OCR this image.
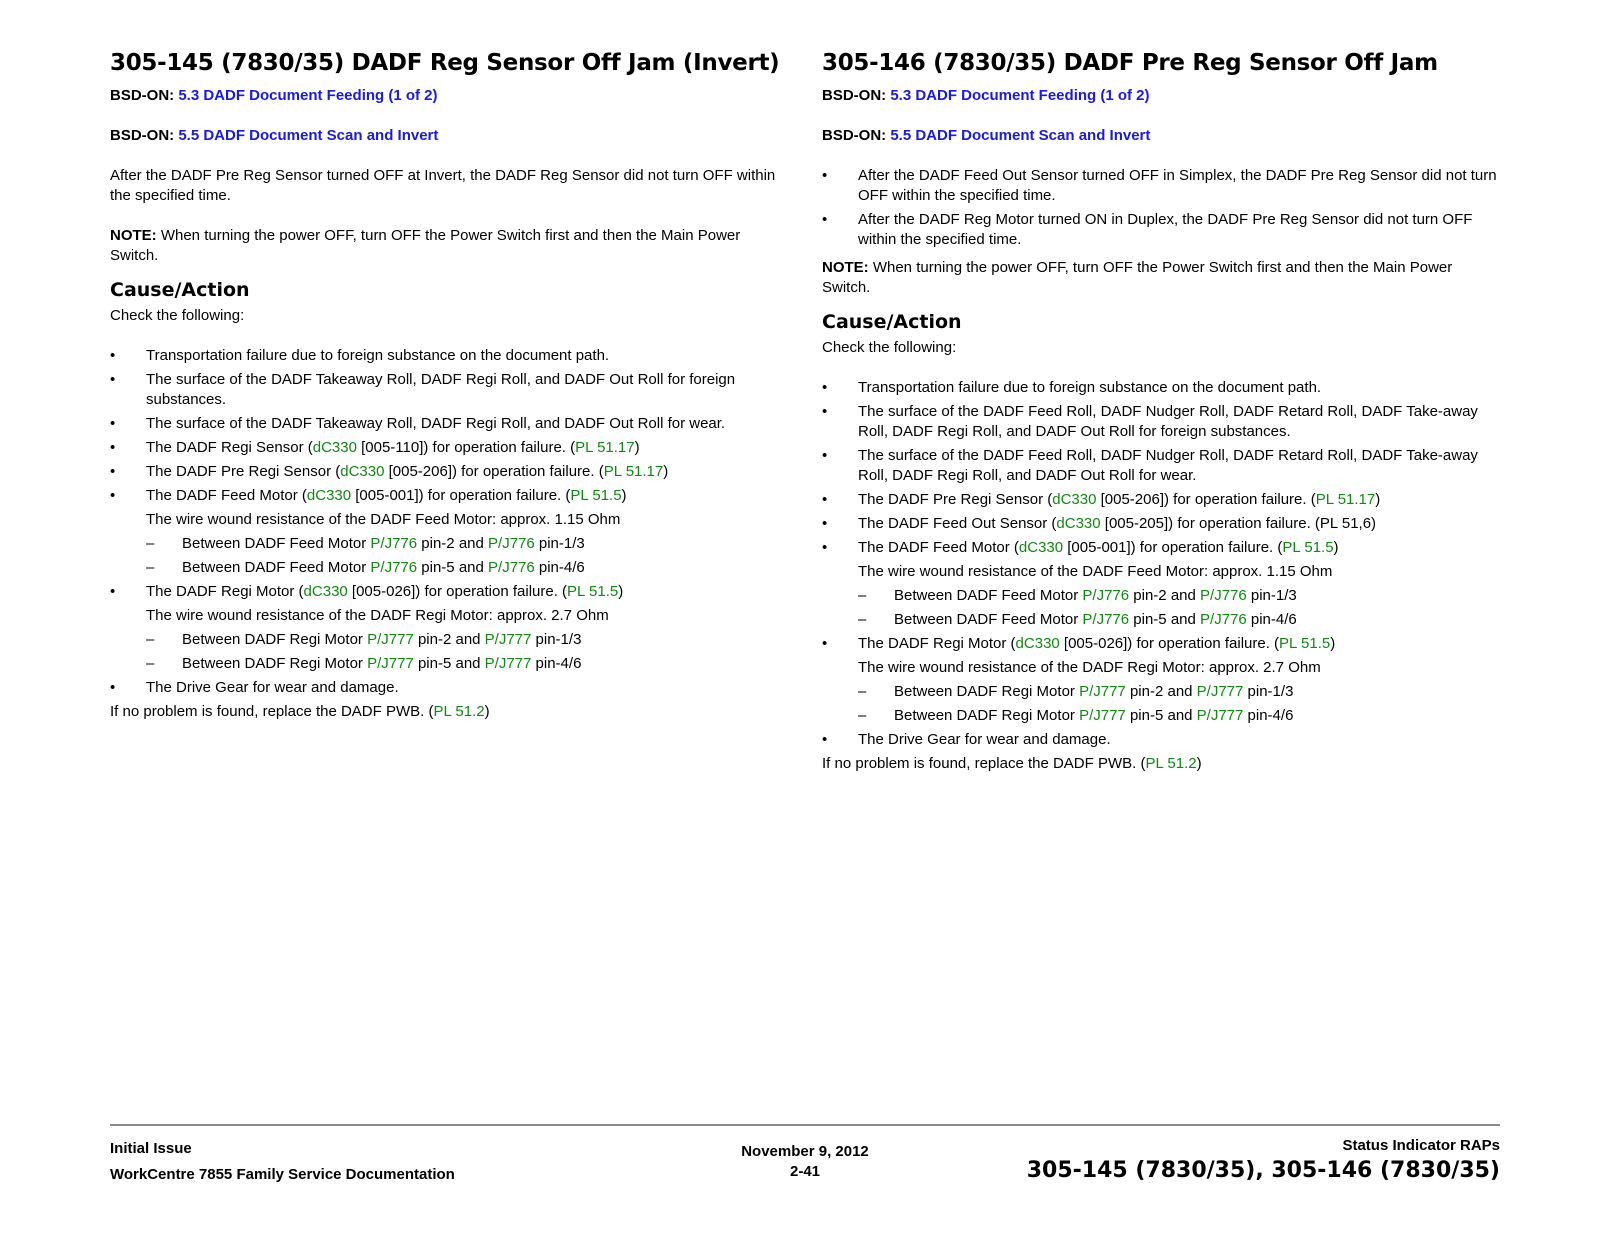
305-145 (7830/35) DADF Reg Sensor Off Jam (Invert)

BSD-ON: 5.3 DADF Document Feeding (1 of 2)

BSD-ON: 5.5 DADF Document Scan and Invert

After the DADF Pre Reg Sensor turned OFF at Invert, the DADF Reg Sensor did not turn OFF within the specified time.

NOTE: When turning the power OFF, turn OFF the Power Switch first and then the Main Power Switch.

Cause/Action

Check the following:

• Transportation failure due to foreign substance on the document path.
• The surface of the DADF Takeaway Roll, DADF Regi Roll, and DADF Out Roll for foreign substances.
• The surface of the DADF Takeaway Roll, DADF Regi Roll, and DADF Out Roll for wear.
• The DADF Regi Sensor (dC330 [005-110]) for operation failure. (PL 51.17)
• The DADF Pre Regi Sensor (dC330 [005-206]) for operation failure. (PL 51.17)
• The DADF Feed Motor (dC330 [005-001]) for operation failure. (PL 51.5)

The wire wound resistance of the DADF Feed Motor: approx. 1.15 Ohm

– Between DADF Feed Motor P/J776 pin-2 and P/J776 pin-1/3
– Between DADF Feed Motor P/J776 pin-5 and P/J776 pin-4/6
• The DADF Regi Motor (dC330 [005-026]) for operation failure. (PL 51.5)

The wire wound resistance of the DADF Regi Motor: approx. 2.7 Ohm

– Between DADF Regi Motor P/J777 pin-2 and P/J777 pin-1/3
– Between DADF Regi Motor P/J777 pin-5 and P/J777 pin-4/6
• The Drive Gear for wear and damage.

If no problem is found, replace the DADF PWB. (PL 51.2)

305-146 (7830/35) DADF Pre Reg Sensor Off Jam

BSD-ON: 5.3 DADF Document Feeding (1 of 2)

BSD-ON: 5.5 DADF Document Scan and Invert

• After the DADF Feed Out Sensor turned OFF in Simplex, the DADF Pre Reg Sensor did not turn OFF within the specified time.
• After the DADF Reg Motor turned ON in Duplex, the DADF Pre Reg Sensor did not turn OFF within the specified time.

NOTE: When turning the power OFF, turn OFF the Power Switch first and then the Main Power Switch.

Cause/Action

Check the following:

• Transportation failure due to foreign substance on the document path.
• The surface of the DADF Feed Roll, DADF Nudger Roll, DADF Retard Roll, DADF Take-away Roll, DADF Regi Roll, and DADF Out Roll for foreign substances.
• The surface of the DADF Feed Roll, DADF Nudger Roll, DADF Retard Roll, DADF Take-away Roll, DADF Regi Roll, and DADF Out Roll for wear.
• The DADF Pre Regi Sensor (dC330 [005-206]) for operation failure. (PL 51.17)
• The DADF Feed Out Sensor (dC330 [005-205]) for operation failure. (PL 51,6)
• The DADF Feed Motor (dC330 [005-001]) for operation failure. (PL 51.5)

The wire wound resistance of the DADF Feed Motor: approx. 1.15 Ohm

– Between DADF Feed Motor P/J776 pin-2 and P/J776 pin-1/3
– Between DADF Feed Motor P/J776 pin-5 and P/J776 pin-4/6
• The DADF Regi Motor (dC330 [005-026]) for operation failure. (PL 51.5)

The wire wound resistance of the DADF Regi Motor: approx. 2.7 Ohm

– Between DADF Regi Motor P/J777 pin-2 and P/J777 pin-1/3
– Between DADF Regi Motor P/J777 pin-5 and P/J777 pin-4/6
• The Drive Gear for wear and damage.

If no problem is found, replace the DADF PWB. (PL 51.2)

Initial Issue
WorkCentre 7855 Family Service Documentation
November 9, 2012
2-41
Status Indicator RAPs
305-145 (7830/35), 305-146 (7830/35)
